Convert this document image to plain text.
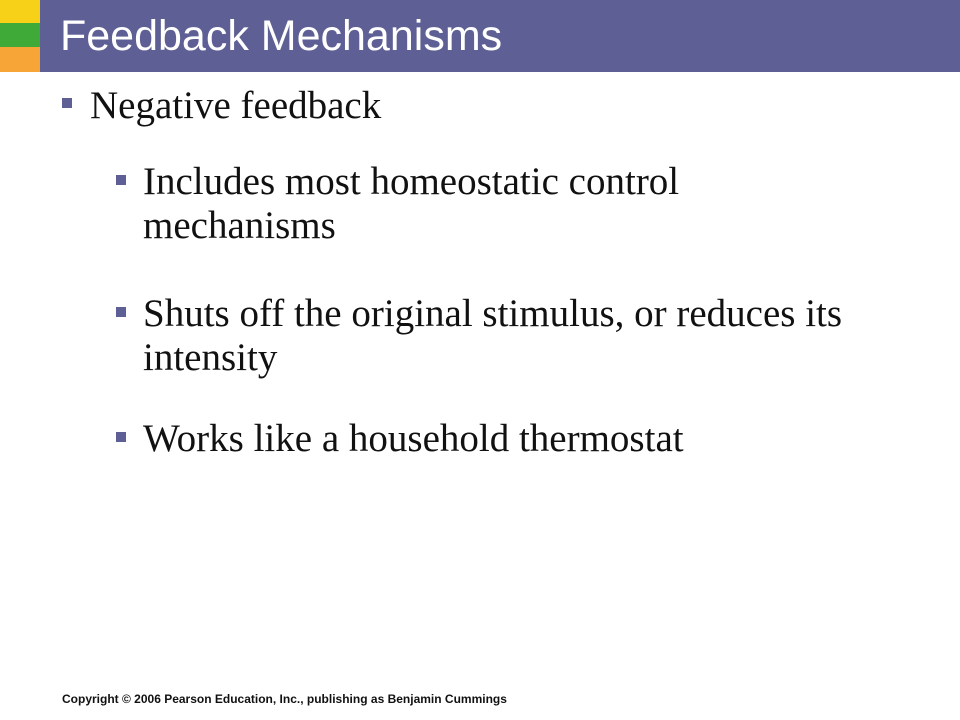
Feedback Mechanisms
Negative feedback
Includes most homeostatic control mechanisms
Shuts off the original stimulus, or reduces its intensity
Works like a household thermostat
Copyright © 2006 Pearson Education, Inc., publishing as Benjamin Cummings
